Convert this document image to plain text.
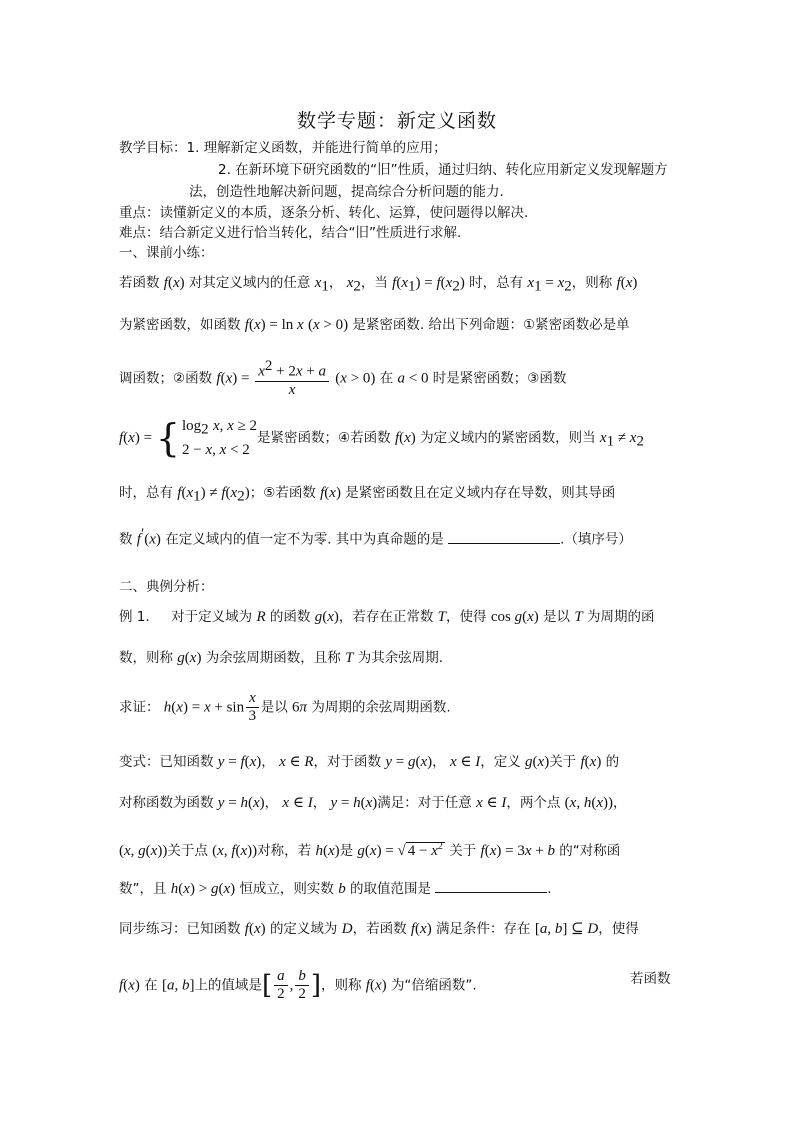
数学专题：新定义函数
教学目标：1. 理解新定义函数，并能进行简单的应用；
2. 在新环境下研究函数的“旧”性质，通过归纳、转化应用新定义发现解题方
法，创造性地解决新问题，提高综合分析问题的能力.
重点：读懂新定义的本质，逐条分析、转化、运算，使问题得以解决.
难点：结合新定义进行恰当转化，结合“旧”性质进行求解.
一、课前小练：
若函数 f(x) 对其定义域内的任意 $x_1$， $x_2$，当 $f(x_1) = f(x_2)$ 时，总有 $x_1 = x_2$，则称 f(x)
为紧密函数，如函数 f(x) = ln x (x > 0) 是紧密函数. 给出下列命题：①紧密函数必是单
调函数；②函数 $f(x) = \frac{x^2 + 2x + a}{x} (x > 0)$ 在 a < 0 时是紧密函数；③函数
f(x) = { $\log_2 x$, x ≥ 2
2 − x, x < 2是紧密函数；④若函数 f(x) 为定义域内的紧密函数，则当 $x_1 \ne x_2$
时，总有 $f(x_1) \ne f(x_2)$；⑤若函数 f(x) 是紧密函数且在定义域内存在导数，则其导函
数 f′(x) 在定义域内的值一定不为零. 其中为真命题的是	.（填序号）
二、典例分析：
例 1. 对于定义域为 R 的函数 g(x)，若存在正常数 T，使得 cos g(x) 是以 T 为周期的函
数，则称 g(x) 为余弦周期函数，且称 T 为其余弦周期.
求证： $h(x) = x + \sin \frac{x}{3}$ 是以 6π 为周期的余弦周期函数.
变式：已知函数 y = f(x)， x ∈ R，对于函数 y = g(x)， x ∈ I，定义 g(x)关于 f(x) 的
对称函数为函数 y = h(x)， x ∈ I， y = h(x)满足：对于任意 x ∈ I，两个点 (x, h(x))，
(x, g(x))关于点 (x, f(x))对称，若 h(x)是 g(x) = √ $4 - x^2$ 关于 f(x) = 3x + b 的“对称函
数”，且 h(x) > g(x) 恒成立，则实数 b 的取值范围是	.
同步练习：已知函数 f(x) 的定义域为 D，若函数 f(x) 满足条件：存在 [a, b] ⊆ D，使得
f(x) 在 [a, b]上的值域是[ $\frac{a}{2}$ , $\frac{b}{2}$ ]，则称 f(x) 为“倍缩函数”.	若函数
